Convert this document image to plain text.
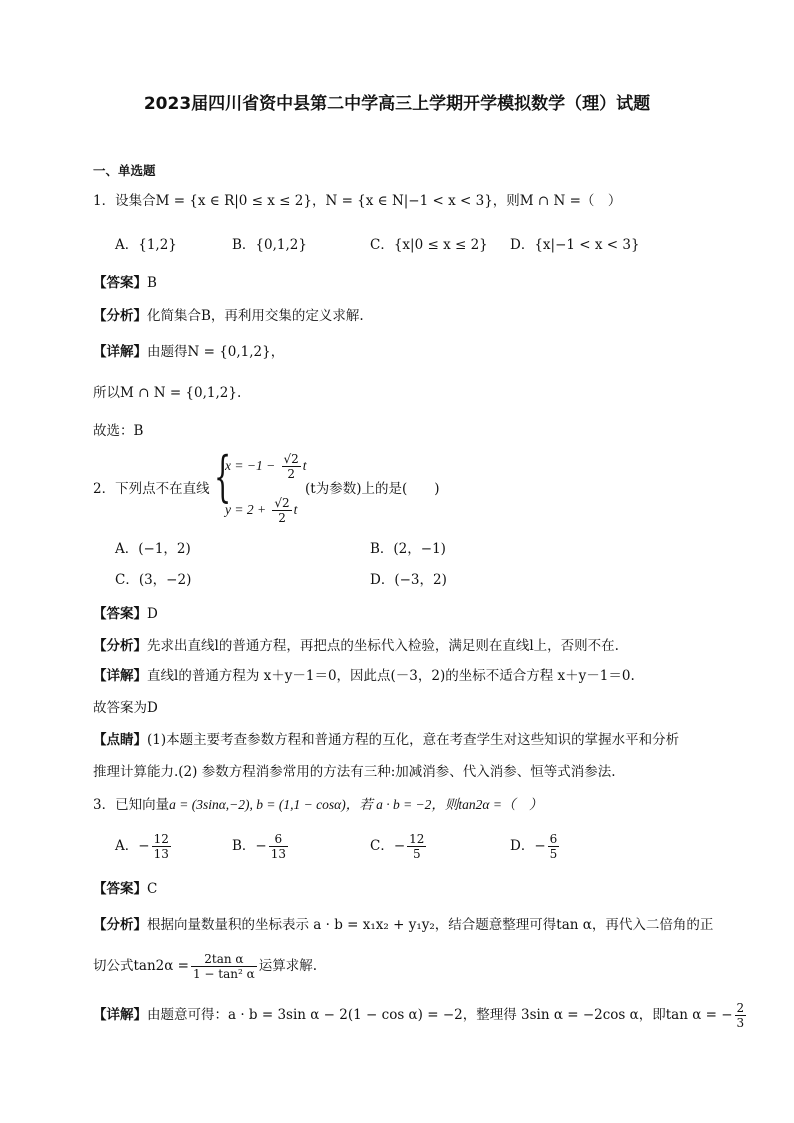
2023届四川省资中县第二中学高三上学期开学模拟数学（理）试题
一、单选题
1．设集合M = {x ∈ R|0 ≤ x ≤ 2}，N = {x ∈ N|−1 < x < 3}，则M ∩ N =（　）
A．{1,2}	B．{0,1,2}	C．{x|0 ≤ x ≤ 2} D．{x|−1 < x < 3}
【答案】B
【分析】化简集合B，再利用交集的定义求解.
【详解】由题得N = {0,1,2}，
所以M ∩ N = {0,1,2}.
故选：B
2．下列点不在直线 {
$x = -1 - \frac{√2}{2}$ t
$y = 2 + \frac{√2}{2}$ t
(t为参数)上的是(　　)
A．(−1，2)	B．(2，−1)
C．(3，−2)	D．(−3，2)
【答案】D
【分析】先求出直线l的普通方程，再把点的坐标代入检验，满足则在直线l上，否则不在.
【详解】直线l的普通方程为 x＋y－1＝0，因此点(－3，2)的坐标不适合方程 x＋y－1＝0.
故答案为D
【点睛】(1)本题主要考查参数方程和普通方程的互化，意在考查学生对这些知识的掌握水平和分析
推理计算能力.(2) 参数方程消参常用的方法有三种:加减消参、代入消参、恒等式消参法.
3．已知向量a = (3sinα,−2), b = (1,1 − cosα)，若 a · b = −2，则tan2α =（　）
A．− $\frac{12}{13}$	B．− $\frac{6}{13}$	C．− $\frac{12}{5}$	D．− $\frac{6}{5}$
【答案】C
【分析】根据向量数量积的坐标表示 a · b = x₁x₂ + y₁y₂，结合题意整理可得tan α，再代入二倍角的正
切公式$\tan 2\alpha = \frac{\text{2tan α}}{\text{1 − tan² α}}$ 运算求解.
【详解】由题意可得：a · b = 3sin α − 2(1 − cos α) = −2，整理得 3sin α = −2cos α，即tan α = − $\frac{2}{3}$
